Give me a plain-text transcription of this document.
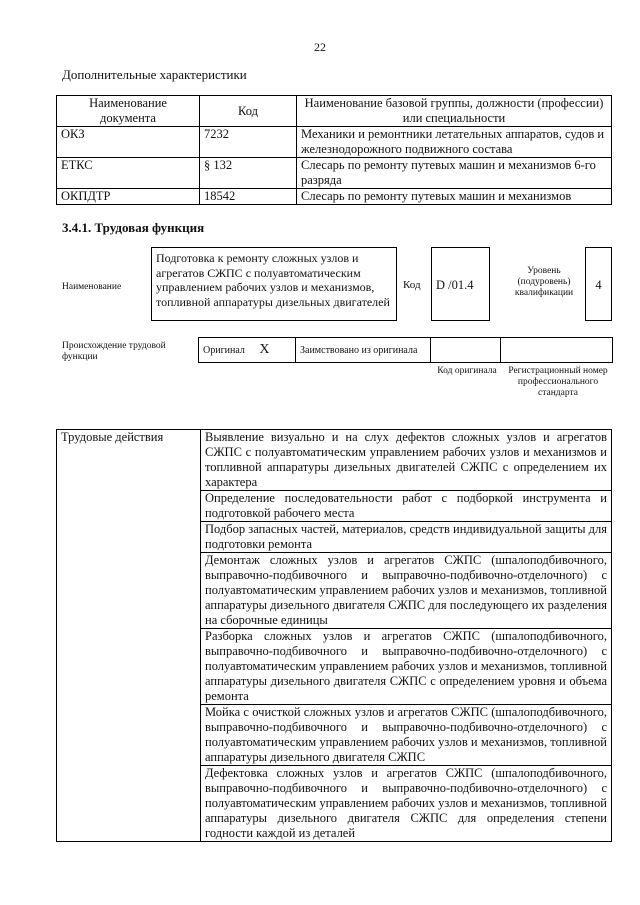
22
Дополнительные характеристики
Наименование документа	Код	Наименование базовой группы, должности (профессии) или специальности
ОКЗ	7232	Механики и ремонтники летательных аппаратов, судов и железнодорожного подвижного состава
ЕТКС	§ 132	Слесарь по ремонту путевых машин и механизмов 6-го разряда
ОКПДТР	18542	Слесарь по ремонту путевых машин и механизмов
3.4.1. Трудовая функция
Наименование
Подготовка к ремонту сложных узлов и агрегатов СЖПС с полуавтоматическим управлением рабочих узлов и механизмов, топливной аппаратуры дизельных двигателей
Код	D /01.4
Уровень (подуровень) квалификации
4
Происхождение трудовой функции
Оригинал X	Заимствовано из оригинала		
Код оригинала	Регистрационный номер профессионального стандарта
Трудовые действия	Выявление визуально и на слух дефектов сложных узлов и агрегатов СЖПС с полуавтоматическим управлением рабочих узлов и механизмов и топливной аппаратуры дизельных двигателей СЖПС с определением их характера
Определение последовательности работ с подборкой инструмента и подготовкой рабочего места
Подбор запасных частей, материалов, средств индивидуальной защиты для подготовки ремонта
Демонтаж сложных узлов и агрегатов СЖПС (шпалоподбивочного, выправочно-подбивочного и выправочно-подбивочно-отделочного) с полуавтоматическим управлением рабочих узлов и механизмов, топливной аппаратуры дизельного двигателя СЖПС для последующего их разделения на сборочные единицы
Разборка сложных узлов и агрегатов СЖПС (шпалоподбивочного, выправочно-подбивочного и выправочно-подбивочно-отделочного) с полуавтоматическим управлением рабочих узлов и механизмов, топливной аппаратуры дизельного двигателя СЖПС с определением уровня и объема ремонта
Мойка с очисткой сложных узлов и агрегатов СЖПС (шпалоподбивочного, выправочно-подбивочного и выправочно-подбивочно-отделочного) с полуавтоматическим управлением рабочих узлов и механизмов, топливной аппаратуры дизельного двигателя СЖПС
Дефектовка сложных узлов и агрегатов СЖПС (шпалоподбивочного, выправочно-подбивочного и выправочно-подбивочно-отделочного) с полуавтоматическим управлением рабочих узлов и механизмов, топливной аппаратуры дизельного двигателя СЖПС для определения степени годности каждой из деталей
